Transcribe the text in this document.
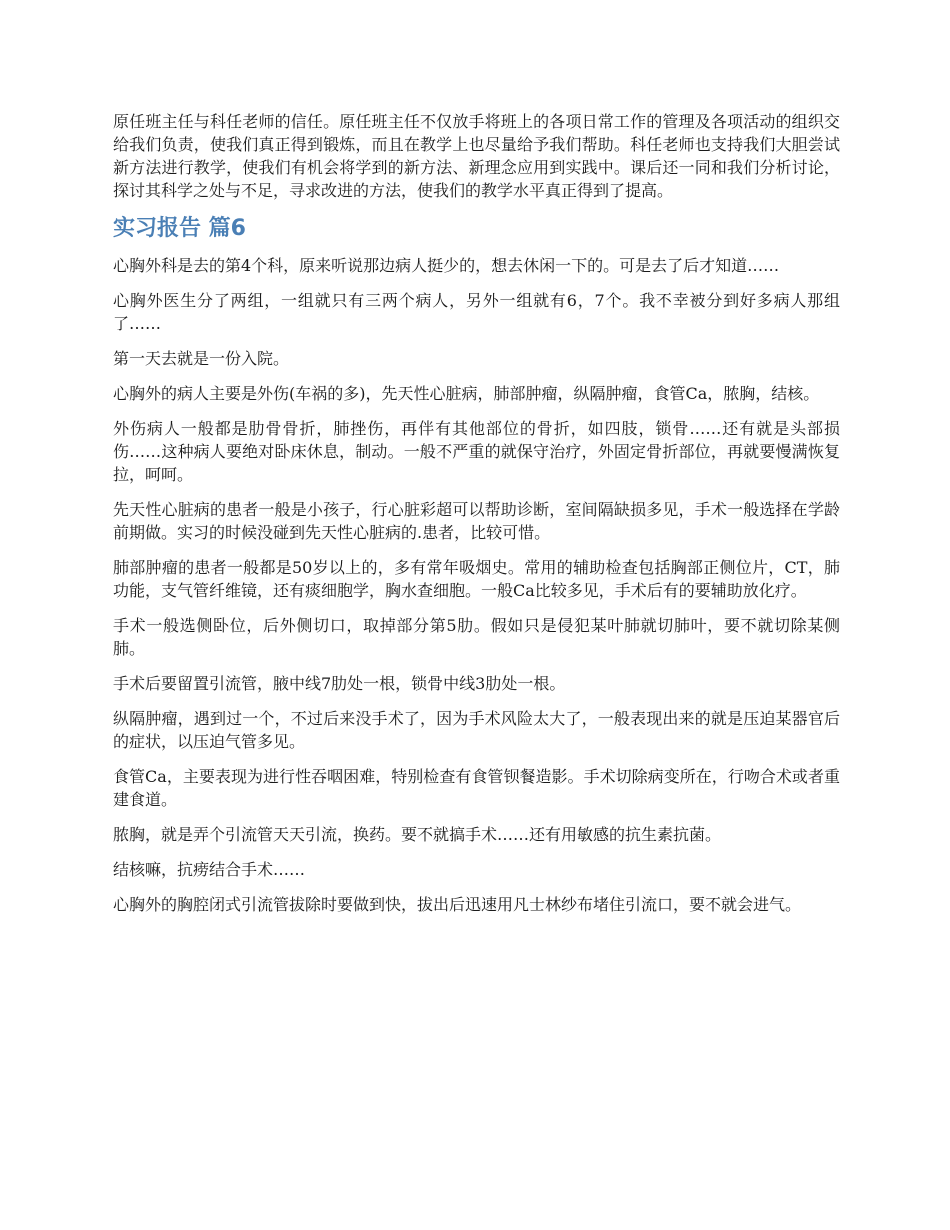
原任班主任与科任老师的信任。原任班主任不仅放手将班上的各项日常工作的管理及各项活动的组织交给我们负责，使我们真正得到锻炼，而且在教学上也尽量给予我们帮助。科任老师也支持我们大胆尝试新方法进行教学，使我们有机会将学到的新方法、新理念应用到实践中。课后还一同和我们分析讨论，探讨其科学之处与不足，寻求改进的方法，使我们的教学水平真正得到了提高。

实习报告 篇6

心胸外科是去的第4个科，原来听说那边病人挺少的，想去休闲一下的。可是去了后才知道……

心胸外医生分了两组，一组就只有三两个病人，另外一组就有6，7个。我不幸被分到好多病人那组了……

第一天去就是一份入院。

心胸外的病人主要是外伤(车祸的多)，先天性心脏病，肺部肿瘤，纵隔肿瘤，食管Ca，脓胸，结核。

外伤病人一般都是肋骨骨折，肺挫伤，再伴有其他部位的骨折，如四肢，锁骨……还有就是头部损伤……这种病人要绝对卧床休息，制动。一般不严重的就保守治疗，外固定骨折部位，再就要慢满恢复拉，呵呵。

先天性心脏病的患者一般是小孩子，行心脏彩超可以帮助诊断，室间隔缺损多见，手术一般选择在学龄前期做。实习的时候没碰到先天性心脏病的.患者，比较可惜。

肺部肿瘤的患者一般都是50岁以上的，多有常年吸烟史。常用的辅助检查包括胸部正侧位片，CT，肺功能，支气管纤维镜，还有痰细胞学，胸水查细胞。一般Ca比较多见，手术后有的要辅助放化疗。

手术一般选侧卧位，后外侧切口，取掉部分第5肋。假如只是侵犯某叶肺就切肺叶，要不就切除某侧肺。

手术后要留置引流管，腋中线7肋处一根，锁骨中线3肋处一根。

纵隔肿瘤，遇到过一个，不过后来没手术了，因为手术风险太大了，一般表现出来的就是压迫某器官后的症状，以压迫气管多见。

食管Ca，主要表现为进行性吞咽困难，特别检查有食管钡餐造影。手术切除病变所在，行吻合术或者重建食道。

脓胸，就是弄个引流管天天引流，换药。要不就搞手术……还有用敏感的抗生素抗菌。

结核嘛，抗痨结合手术……

心胸外的胸腔闭式引流管拔除时要做到快，拔出后迅速用凡士林纱布堵住引流口，要不就会进气。
